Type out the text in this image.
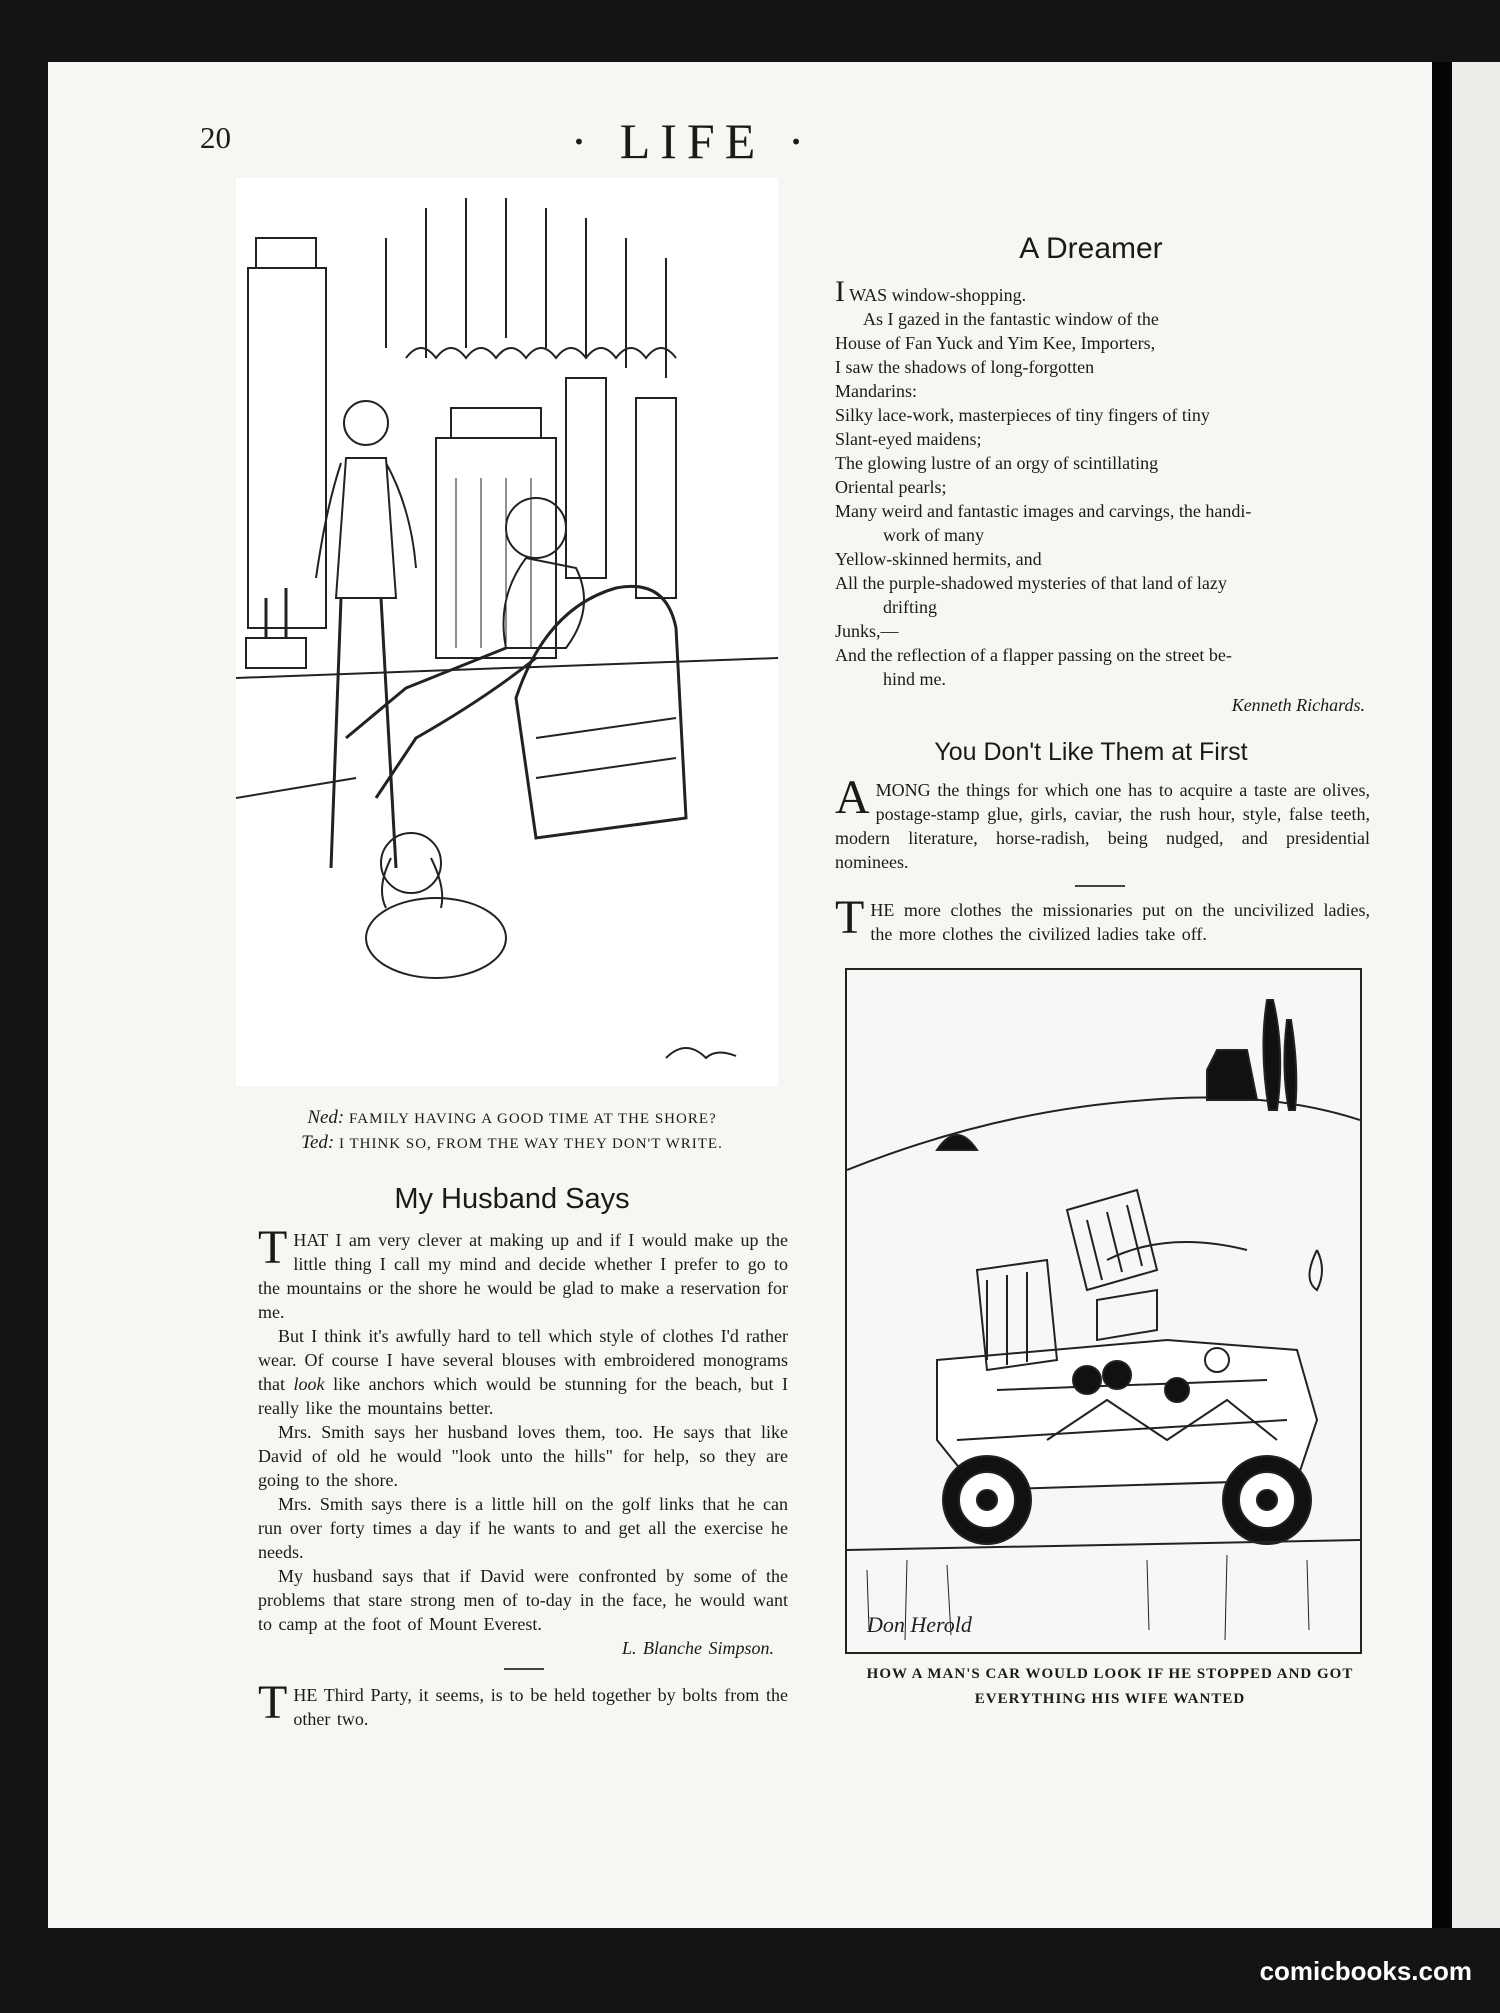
20	· LIFE ·
Ned: FAMILY HAVING A GOOD TIME AT THE SHORE?
Ted: I THINK SO, FROM THE WAY THEY DON'T WRITE.
A Dreamer
I WAS window-shopping.
As I gazed in the fantastic window of the
House of Fan Yuck and Yim Kee, Importers,
I saw the shadows of long-forgotten
Mandarins:
Silky lace-work, masterpieces of tiny fingers of tiny
Slant-eyed maidens;
The glowing lustre of an orgy of scintillating
Oriental pearls;
Many weird and fantastic images and carvings, the handi-
work of many
Yellow-skinned hermits, and
All the purple-shadowed mysteries of that land of lazy
drifting
Junks,—
And the reflection of a flapper passing on the street be-
hind me.
Kenneth Richards.
You Don't Like Them at First

AMONG the things for which one has to acquire a taste are olives, postage-stamp glue, girls, caviar, the rush hour, style, false teeth, modern literature, horse-radish, being nudged, and presidential nominees.

THE more clothes the missionaries put on the uncivilized ladies, the more clothes the civilized ladies take off.

Don Herold
HOW A MAN'S CAR WOULD LOOK IF HE STOPPED AND GOT EVERYTHING HIS WIFE WANTED
My Husband Says

THAT I am very clever at making up and if I would make up the little thing I call my mind and decide whether I prefer to go to the mountains or the shore he would be glad to make a reservation for me.

But I think it's awfully hard to tell which style of clothes I'd rather wear. Of course I have several blouses with embroidered monograms that look like anchors which would be stunning for the beach, but I really like the mountains better.

Mrs. Smith says her husband loves them, too. He says that like David of old he would "look unto the hills" for help, so they are going to the shore.

Mrs. Smith says there is a little hill on the golf links that he can run over forty times a day if he wants to and get all the exercise he needs.

My husband says that if David were confronted by some of the problems that stare strong men of to-day in the face, he would want to camp at the foot of Mount Everest.

L. Blanche Simpson.

THE Third Party, it seems, is to be held together by bolts from the other two.

comicbooks.com
